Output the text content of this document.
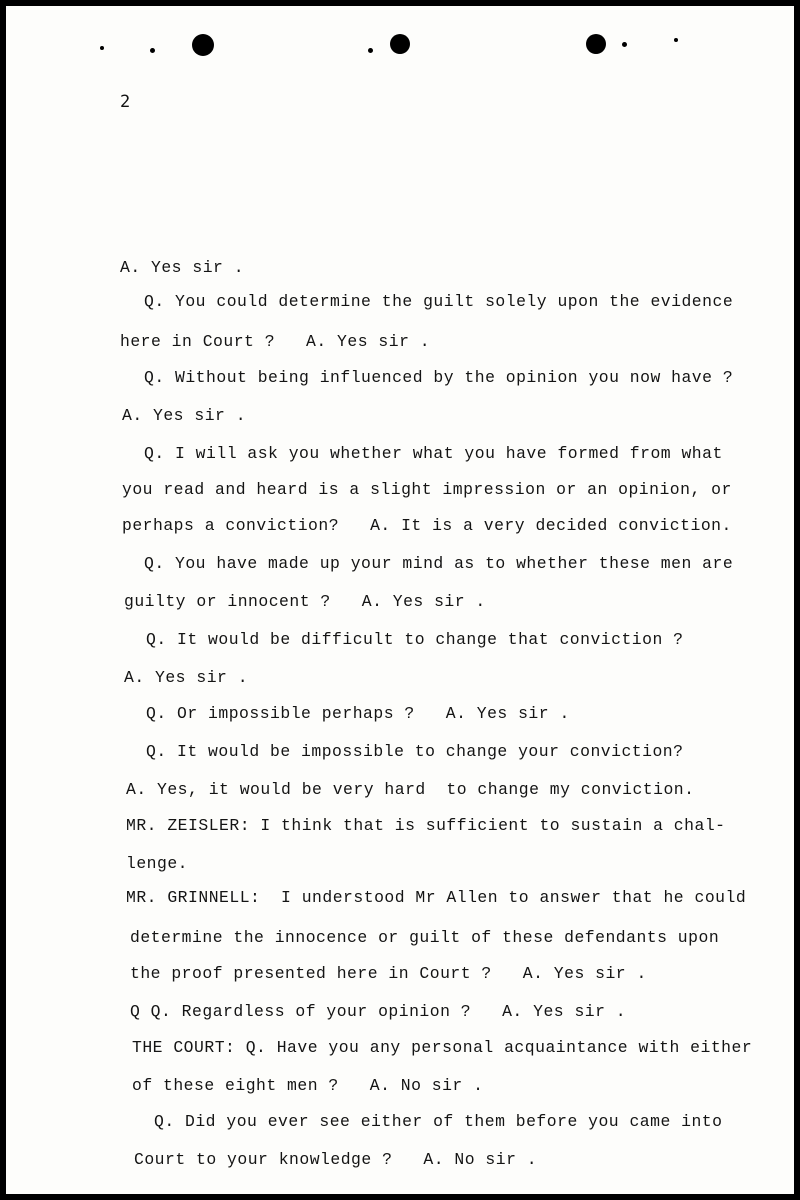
2
A. Yes sir .
Q. You could determine the guilt solely upon the evidence
here in Court ?   A. Yes sir .
Q. Without being influenced by the opinion you now have ?
A. Yes sir .
Q. I will ask you whether what you have formed from what
you read and heard is a slight impression or an opinion, or
perhaps a conviction?   A. It is a very decided conviction.
Q. You have made up your mind as to whether these men are
guilty or innocent ?   A. Yes sir .
Q. It would be difficult to change that conviction ?
A. Yes sir .
Q. Or impossible perhaps ?   A. Yes sir .
Q. It would be impossible to change your conviction?
A. Yes, it would be very hard  to change my conviction.
MR. ZEISLER: I think that is sufficient to sustain a chal-
lenge.
MR. GRINNELL:  I understood Mr Allen to answer that he could
determine the innocence or guilt of these defendants upon
the proof presented here in Court ?   A. Yes sir .
Q Q. Regardless of your opinion ?   A. Yes sir .
THE COURT: Q. Have you any personal acquaintance with either
of these eight men ?   A. No sir .
Q. Did you ever see either of them before you came into
Court to your knowledge ?   A. No sir .
